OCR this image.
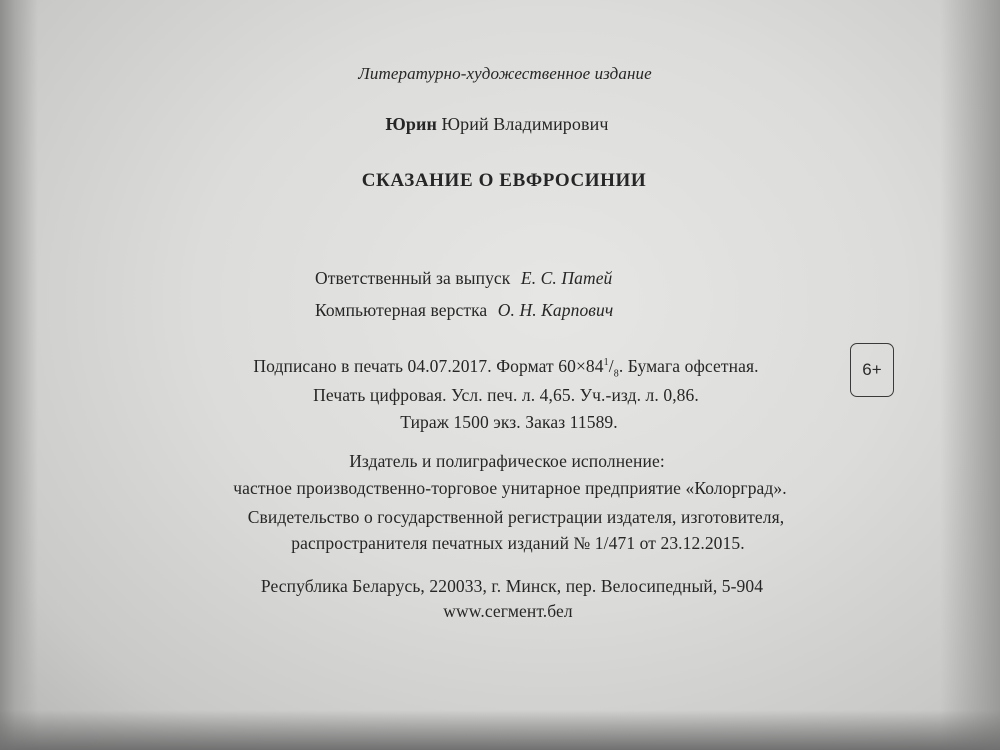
Литературно-художественное издание
Юрин Юрий Владимирович
СКАЗАНИЕ О ЕВФРОСИНИИ
Ответственный за выпуск Е. С. Патей
Компьютерная верстка О. Н. Карпович
Подписано в печать 04.07.2017. Формат $60\times 84^1/_8$. Бумага офсетная.
Печать цифровая. Усл. печ. л. 4,65. Уч.-изд. л. 0,86.
Тираж 1500 экз. Заказ 11589.
6+
Издатель и полиграфическое исполнение:
частное производственно-торговое унитарное предприятие «Колорград».
Свидетельство о государственной регистрации издателя, изготовителя,
распространителя печатных изданий № 1/471 от 23.12.2015.
Республика Беларусь, 220033, г. Минск, пер. Велосипедный, 5-904
www.сегмент.бел
